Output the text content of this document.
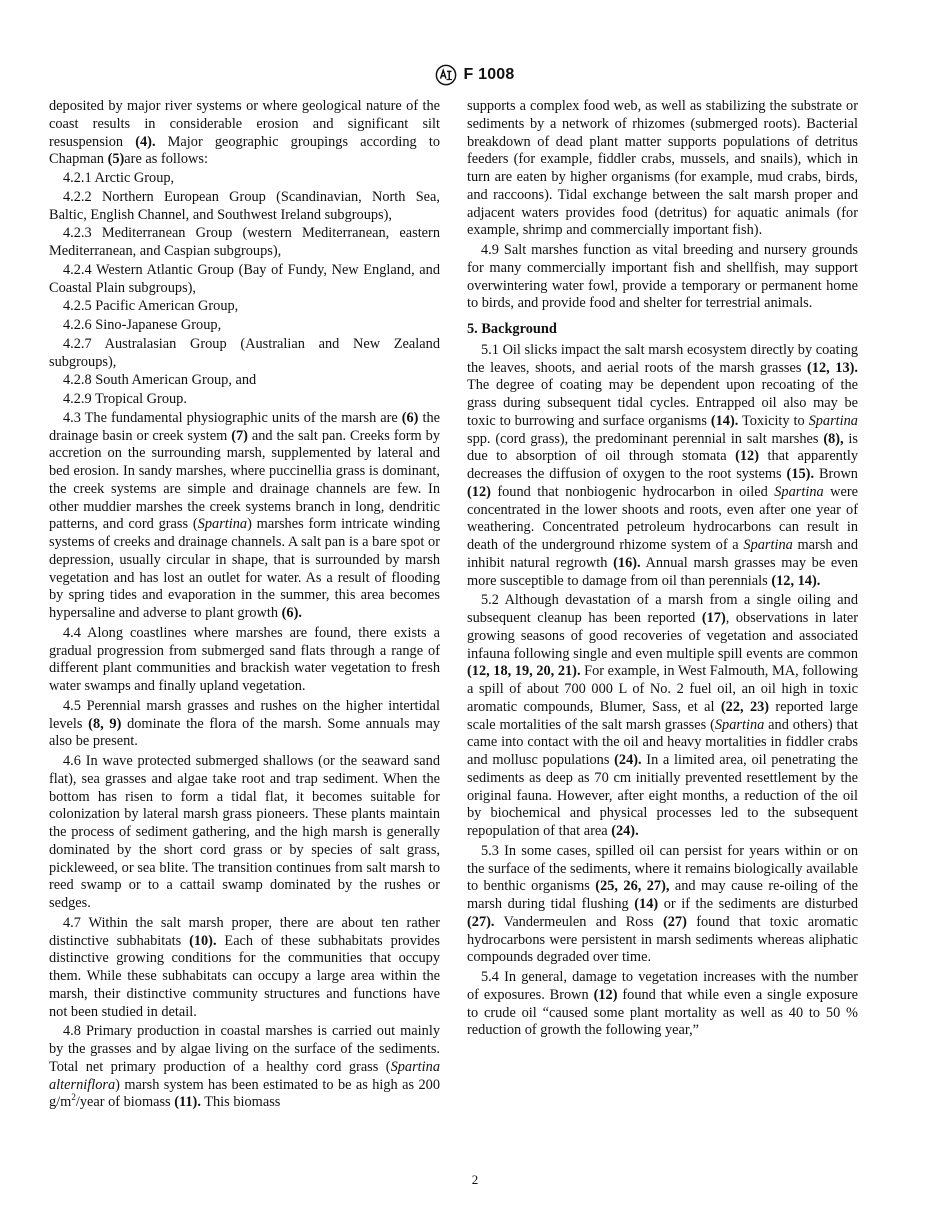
F 1008

deposited by major river systems or where geological nature of the coast results in considerable erosion and significant silt resuspension (4). Major geographic groupings according to Chapman (5)are as follows:

4.2.1 Arctic Group,

4.2.2 Northern European Group (Scandinavian, North Sea, Baltic, English Channel, and Southwest Ireland subgroups),

4.2.3 Mediterranean Group (western Mediterranean, eastern Mediterranean, and Caspian subgroups),

4.2.4 Western Atlantic Group (Bay of Fundy, New England, and Coastal Plain subgroups),

4.2.5 Pacific American Group,

4.2.6 Sino-Japanese Group,

4.2.7 Australasian Group (Australian and New Zealand subgroups),

4.2.8 South American Group, and

4.2.9 Tropical Group.

4.3 The fundamental physiographic units of the marsh are (6) the drainage basin or creek system (7) and the salt pan. Creeks form by accretion on the surrounding marsh, supplemented by lateral and bed erosion. In sandy marshes, where puccinellia grass is dominant, the creek systems are simple and drainage channels are few. In other muddier marshes the creek systems branch in long, dendritic patterns, and cord grass (Spartina) marshes form intricate winding systems of creeks and drainage channels. A salt pan is a bare spot or depression, usually circular in shape, that is surrounded by marsh vegetation and has lost an outlet for water. As a result of flooding by spring tides and evaporation in the summer, this area becomes hypersaline and adverse to plant growth (6).

4.4 Along coastlines where marshes are found, there exists a gradual progression from submerged sand flats through a range of different plant communities and brackish water vegetation to fresh water swamps and finally upland vegetation.

4.5 Perennial marsh grasses and rushes on the higher intertidal levels (8, 9) dominate the flora of the marsh. Some annuals may also be present.

4.6 In wave protected submerged shallows (or the seaward sand flat), sea grasses and algae take root and trap sediment. When the bottom has risen to form a tidal flat, it becomes suitable for colonization by lateral marsh grass pioneers. These plants maintain the process of sediment gathering, and the high marsh is generally dominated by the short cord grass or by species of salt grass, pickleweed, or sea blite. The transition continues from salt marsh to reed swamp or to a cattail swamp dominated by the rushes or sedges.

4.7 Within the salt marsh proper, there are about ten rather distinctive subhabitats (10). Each of these subhabitats provides distinctive growing conditions for the communities that occupy them. While these subhabitats can occupy a large area within the marsh, their distinctive community structures and functions have not been studied in detail.

4.8 Primary production in coastal marshes is carried out mainly by the grasses and by algae living on the surface of the sediments. Total net primary production of a healthy cord grass (Spartina alterniflora) marsh system has been estimated to be as high as 200 $g/m^2$/year of biomass (11). This biomass

supports a complex food web, as well as stabilizing the substrate or sediments by a network of rhizomes (submerged roots). Bacterial breakdown of dead plant matter supports populations of detritus feeders (for example, fiddler crabs, mussels, and snails), which in turn are eaten by higher organisms (for example, mud crabs, birds, and raccoons). Tidal exchange between the salt marsh proper and adjacent waters provides food (detritus) for aquatic animals (for example, shrimp and commercially important fish).

4.9 Salt marshes function as vital breeding and nursery grounds for many commercially important fish and shellfish, may support overwintering water fowl, provide a temporary or permanent home to birds, and provide food and shelter for terrestrial animals.

5. Background

5.1 Oil slicks impact the salt marsh ecosystem directly by coating the leaves, shoots, and aerial roots of the marsh grasses (12, 13). The degree of coating may be dependent upon recoating of the grass during subsequent tidal cycles. Entrapped oil also may be toxic to burrowing and surface organisms (14). Toxicity to Spartina spp. (cord grass), the predominant perennial in salt marshes (8), is due to absorption of oil through stomata (12) that apparently decreases the diffusion of oxygen to the root systems (15). Brown (12) found that nonbiogenic hydrocarbon in oiled Spartina were concentrated in the lower shoots and roots, even after one year of weathering. Concentrated petroleum hydrocarbons can result in death of the underground rhizome system of a Spartina marsh and inhibit natural regrowth (16). Annual marsh grasses may be even more susceptible to damage from oil than perennials (12, 14).

5.2 Although devastation of a marsh from a single oiling and subsequent cleanup has been reported (17), observations in later growing seasons of good recoveries of vegetation and associated infauna following single and even multiple spill events are common (12, 18, 19, 20, 21). For example, in West Falmouth, MA, following a spill of about 700 000 L of No. 2 fuel oil, an oil high in toxic aromatic compounds, Blumer, Sass, et al (22, 23) reported large scale mortalities of the salt marsh grasses (Spartina and others) that came into contact with the oil and heavy mortalities in fiddler crabs and mollusc populations (24). In a limited area, oil penetrating the sediments as deep as 70 cm initially prevented resettlement by the original fauna. However, after eight months, a reduction of the oil by biochemical and physical processes led to the subsequent repopulation of that area (24).

5.3 In some cases, spilled oil can persist for years within or on the surface of the sediments, where it remains biologically available to benthic organisms (25, 26, 27), and may cause re-oiling of the marsh during tidal flushing (14) or if the sediments are disturbed (27). Vandermeulen and Ross (27) found that toxic aromatic hydrocarbons were persistent in marsh sediments whereas aliphatic compounds degraded over time.

5.4 In general, damage to vegetation increases with the number of exposures. Brown (12) found that while even a single exposure to crude oil “caused some plant mortality as well as 40 to 50 % reduction of growth the following year,”

2
